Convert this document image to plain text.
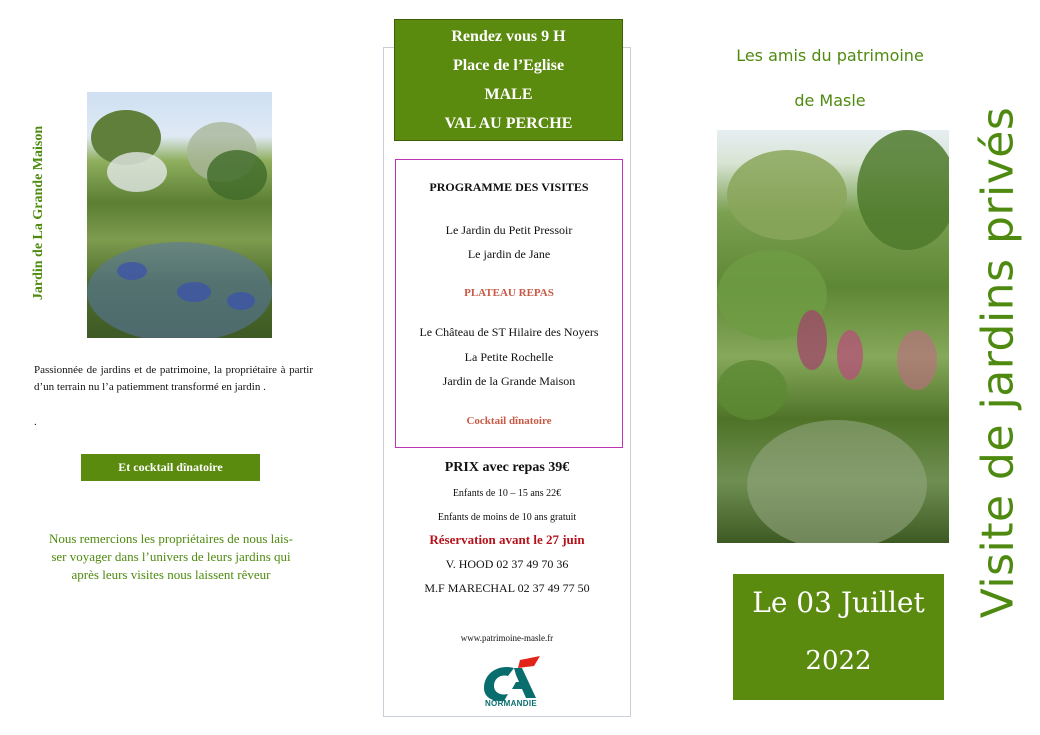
Jardin de La Grande Maison
Passionnée de jardins et de patrimoine, la propriétaire à partir d’un terrain nu l’a patiemment transformé en jardin .
.
Et cocktail dînatoire
Nous remercions les propriétaires de nous lais-
ser voyager dans l’univers de leurs jardins qui
après leurs visites nous laissent rêveur
Rendez vous 9 H
Place de l’Eglise
MALE
VAL AU PERCHE
PROGRAMME DES VISITES
Le Jardin du Petit Pressoir
Le jardin de Jane
PLATEAU REPAS
Le Château de ST Hilaire des Noyers
La Petite Rochelle
Jardin de la Grande Maison
Cocktail dînatoire
PRIX avec repas 39€
Enfants de 10 – 15 ans 22€
Enfants de moins de 10 ans gratuit
Réservation avant le 27 juin
V. HOOD 02 37 49 70 36
M.F MARECHAL 02 37 49 77 50
www.patrimoine-masle.fr
NORMANDIE
Les amis du patrimoine
de Masle
Le 03 Juillet
2022
Visite de jardins privés
